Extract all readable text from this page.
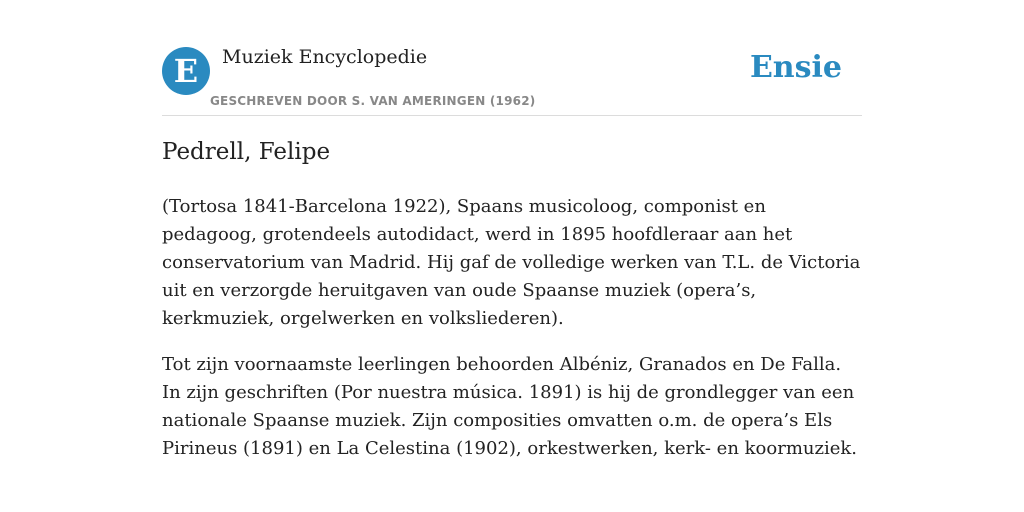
E	Muziek Encyclopedie
GESCHREVEN DOOR S. VAN AMERINGEN (1962)
Ensie
Pedrell, Felipe

(Tortosa 1841-Barcelona 1922), Spaans musicoloog, componist en pedagoog, grotendeels autodidact, werd in 1895 hoofdleraar aan het conservatorium van Madrid. Hij gaf de volledige werken van T.L. de Victoria uit en verzorgde heruitgaven van oude Spaanse muziek (opera’s, kerkmuziek, orgelwerken en volksliederen).

Tot zijn voornaamste leerlingen behoorden Albéniz, Granados en De Falla. In zijn geschriften (Por nuestra música. 1891) is hij de grondlegger van een nationale Spaanse muziek. Zijn composities omvatten o.m. de opera’s Els Pirineus (1891) en La Celestina (1902), orkestwerken, kerk- en koormuziek.
